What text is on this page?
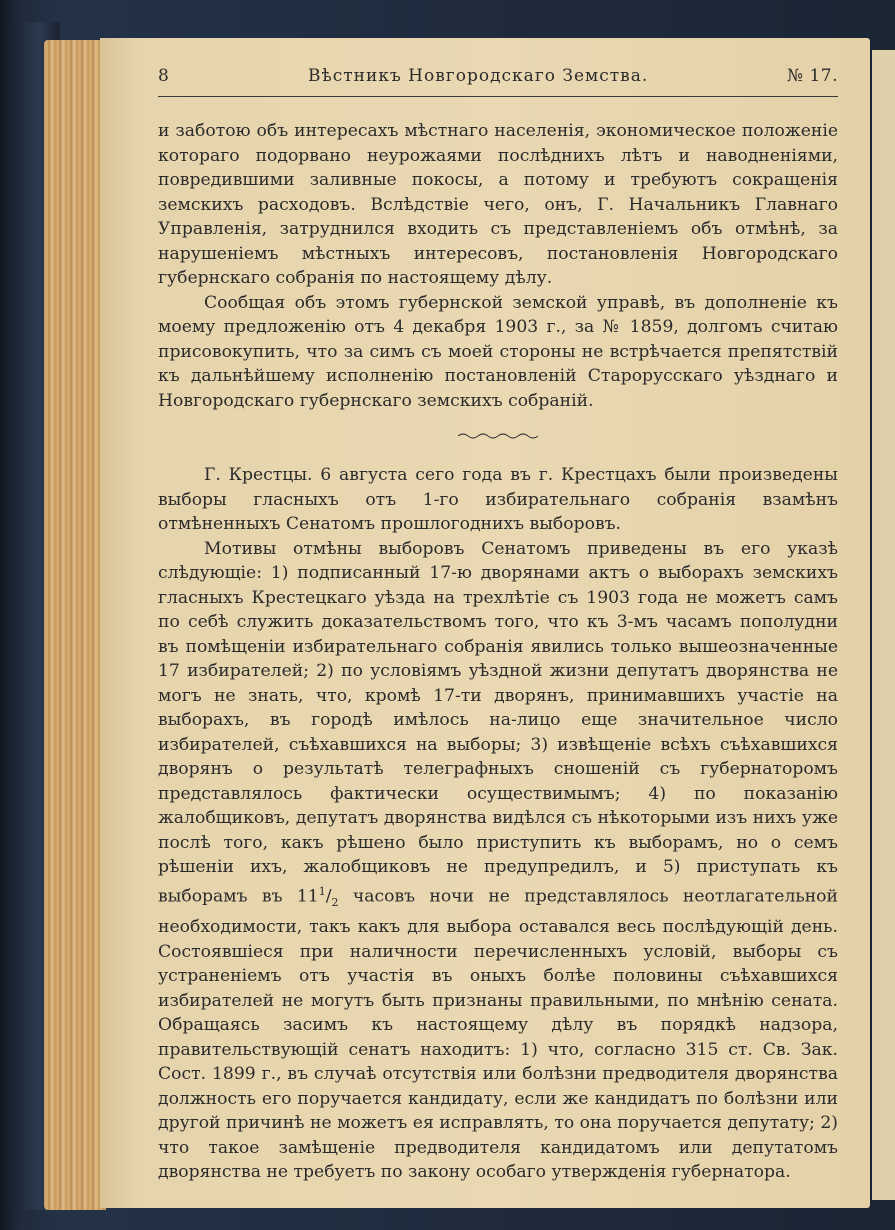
8	Вѣстникъ Новгородскаго Земства.	№ 17.

и заботою объ интересахъ мѣстнаго населенія, экономическое положеніе котораго подорвано неурожаями послѣднихъ лѣтъ и наводненіями, повредившими заливные покосы, а потому и требуютъ сокращенія земскихъ расходовъ. Вслѣдствіе чего, онъ, Г. Начальникъ Главнаго Управленія, затруднился входить съ представленіемъ объ отмѣнѣ, за нарушеніемъ мѣстныхъ интересовъ, постановленія Новгородскаго губернскаго собранія по настоящему дѣлу.

Сообщая объ этомъ губернской земской управѣ, въ дополненіе къ моему предложенію отъ 4 декабря 1903 г., за № 1859, долгомъ считаю присовокупить, что за симъ съ моей стороны не встрѣчается препятствій къ дальнѣйшему исполненію постановленій Старорусскаго уѣзднаго и Новгородскаго губернскаго земскихъ собраній.

Г. Крестцы. 6 августа сего года въ г. Крестцахъ были произведены выборы гласныхъ отъ 1-го избирательнаго собранія взамѣнъ отмѣненныхъ Сенатомъ прошлогоднихъ выборовъ.

Мотивы отмѣны выборовъ Сенатомъ приведены въ его указѣ слѣдующіе: 1) подписанный 17-ю дворянами актъ о выборахъ земскихъ гласныхъ Крестецкаго уѣзда на трехлѣтіе съ 1903 года не можетъ самъ по себѣ служить доказательствомъ того, что къ 3-мъ часамъ пополудни въ помѣщеніи избирательнаго собранія явились только вышеозначенные 17 избирателей; 2) по условіямъ уѣздной жизни депутатъ дворянства не могъ не знать, что, кромѣ 17-ти дворянъ, принимавшихъ участіе на выборахъ, въ городѣ имѣлось на-лицо еще значительное число избирателей, съѣхавшихся на выборы; 3) извѣщеніе всѣхъ съѣхавшихся дворянъ о результатѣ телеграфныхъ сношеній съ губернаторомъ представлялось фактически осуществимымъ; 4) по показанію жалобщиковъ, депутатъ дворянства видѣлся съ нѣкоторыми изъ нихъ уже послѣ того, какъ рѣшено было приступить къ выборамъ, но о семъ рѣшеніи ихъ, жалобщиковъ не предупредилъ, и 5) приступать къ выборамъ въ $11^1/_2$ часовъ ночи не представлялось неотлагательной необходимости, такъ какъ для выбора оставался весь послѣдующій день. Состоявшіеся при наличности перечисленныхъ условій, выборы съ устраненіемъ отъ участія въ оныхъ болѣе половины съѣхавшихся избирателей не могутъ быть признаны правильными, по мнѣнію сената. Обращаясь засимъ къ настоящему дѣлу въ порядкѣ надзора, правительствующій сенатъ находитъ: 1) что, согласно 315 ст. Св. Зак. Сост. 1899 г., въ случаѣ отсутствія или болѣзни предводителя дворянства должность его поручается кандидату, если же кандидатъ по болѣзни или другой причинѣ не можетъ ея исправлять, то она поручается депутату; 2) что такое замѣщеніе предводителя кандидатомъ или депутатомъ дворянства не требуетъ по закону особаго утвержденія губернатора.
